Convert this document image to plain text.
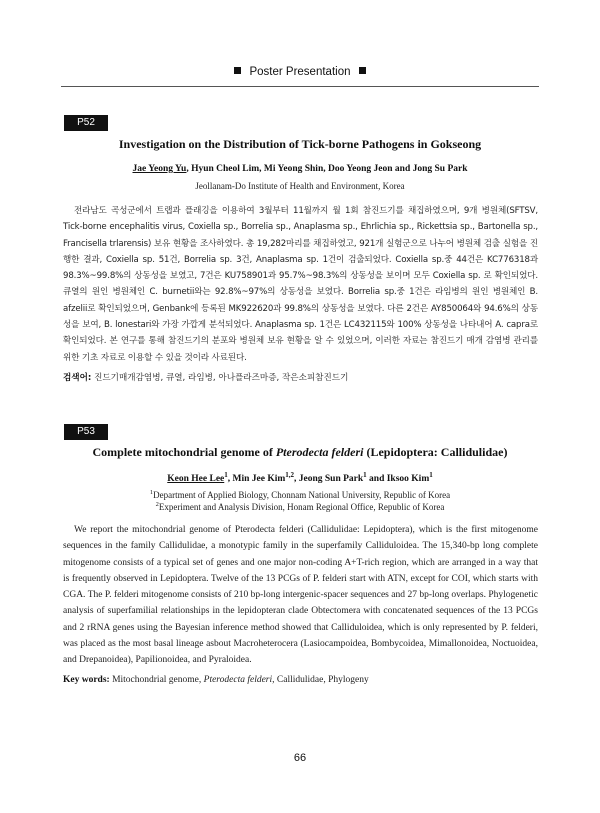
Poster Presentation
P52
Investigation on the Distribution of Tick-borne Pathogens in Gokseong
Jae Yeong Yu, Hyun Cheol Lim, Mi Yeong Shin, Doo Yeong Jeon and Jong Su Park
Jeollanam-Do Institute of Health and Environment, Korea

전라남도 곡성군에서 트랩과 플래깅을 이용하여 3월부터 11월까지 월 1회 참진드기를 채집하였으며, 9개 병원체(SFTSV, Tick-borne encephalitis virus, Coxiella sp., Borrelia sp., Anaplasma sp., Ehrlichia sp., Rickettsia sp., Bartonella sp., Francisella trlarensis) 보유 현황을 조사하였다. 총 19,282마리를 채집하였고, 921개 실험군으로 나누어 병원체 검출 실험을 진행한 결과, Coxiella sp. 51건, Borrelia sp. 3건, Anaplasma sp. 1건이 검출되었다. Coxiella sp.중 44건은 KC776318과 98.3%~99.8%의 상동성을 보였고, 7건은 KU758901과 95.7%~98.3%의 상동성을 보이며 모두 Coxiella sp. 로 확인되었다. 큐열의 원인 병원체인 C. burnetii와는 92.8%~97%의 상동성을 보였다. Borrelia sp.중 1건은 라임병의 원인 병원체인 B. afzelii로 확인되었으며, Genbank에 등록된 MK922620과 99.8%의 상동성을 보였다. 다른 2건은 AY850064와 94.6%의 상동성을 보여, B. lonestari와 가장 가깝게 분석되었다. Anaplasma sp. 1건은 LC432115와 100% 상동성을 나타내어 A. capra로 확인되었다. 본 연구를 통해 참진드기의 분포와 병원체 보유 현황을 알 수 있었으며, 이러한 자료는 참진드기 매개 감염병 관리를 위한 기초 자료로 이용할 수 있을 것이라 사료된다.

검색어: 진드기매개감염병, 큐열, 라임병, 아나플라즈마증, 작은소피참진드기
P53
Complete mitochondrial genome of Pterodecta felderi (Lepidoptera: Callidulidae)
Keon Hee Lee$^1$, Min Jee Kim$^{1,2}$, Jeong Sun Park$^1$ and Iksoo Kim$^1$
$^1$Department of Applied Biology, Chonnam National University, Republic of Korea
$^2$Experiment and Analysis Division, Honam Regional Office, Republic of Korea

We report the mitochondrial genome of Pterodecta felderi (Callidulidae: Lepidoptera), which is the first mitogenome sequences in the family Callidulidae, a monotypic family in the superfamily Calliduloidea. The 15,340-bp long complete mitogenome consists of a typical set of genes and one major non-coding A+T-rich region, which are arranged in a way that is frequently observed in Lepidoptera. Twelve of the 13 PCGs of P. felderi start with ATN, except for COI, which starts with CGA. The P. felderi mitogenome consists of 210 bp-long intergenic-spacer sequences and 27 bp-long overlaps. Phylogenetic analysis of superfamilial relationships in the lepidopteran clade Obtectomera with concatenated sequences of the 13 PCGs and 2 rRNA genes using the Bayesian inference method showed that Calliduloidea, which is only represented by P. felderi, was placed as the most basal lineage asbout Macroheterocera (Lasiocampoidea, Bombycoidea, Mimallonoidea, Noctuoidea, and Drepanoidea), Papilionoidea, and Pyraloidea.

Key words: Mitochondrial genome, Pterodecta felderi, Callidulidae, Phylogeny
66
